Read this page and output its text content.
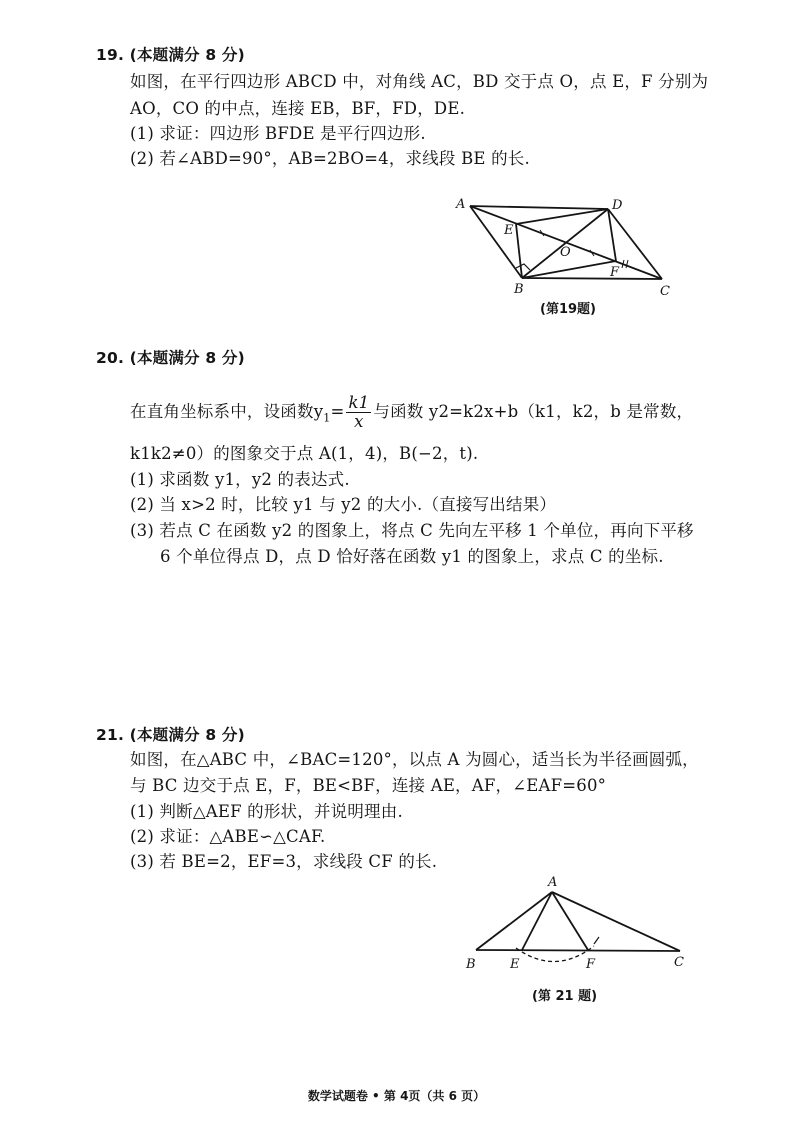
19. (本题满分 8 分)
如图，在平行四边形 ABCD 中，对角线 AC，BD 交于点 O，点 E，F 分别为
AO，CO 的中点，连接 EB，BF，FD，DE.
(1) 求证：四边形 BFDE 是平行四边形.
(2) 若∠ABD=90°，AB=2BO=4，求线段 BE 的长.
A	D
E
O
F
B	C
(第19题)
20. (本题满分 8 分)
在直角坐标系中，设函数$y_1= \frac{k1}{x}$ 与函数 y2=k2x+b（k1，k2，b 是常数，
k1k2≠0）的图象交于点 A(1，4)，B(−2，t).
(1) 求函数 y1，y2 的表达式.
(2) 当 x>2 时，比较 y1 与 y2 的大小.（直接写出结果）
(3) 若点 C 在函数 y2 的图象上，将点 C 先向左平移 1 个单位，再向下平移
6 个单位得点 D，点 D 恰好落在函数 y1 的图象上，求点 C 的坐标.
21. (本题满分 8 分)
如图，在△ABC 中，∠BAC=120°，以点 A 为圆心，适当长为半径画圆弧，
与 BC 边交于点 E，F，BE<BF，连接 AE，AF，∠EAF=60°
(1) 判断△AEF 的形状，并说明理由.
(2) 求证：△ABE∽△CAF.
(3) 若 BE=2，EF=3，求线段 CF 的长.
A
B	E	F	C
(第 21 题)
数学试题卷 • 第 4页（共 6 页）
